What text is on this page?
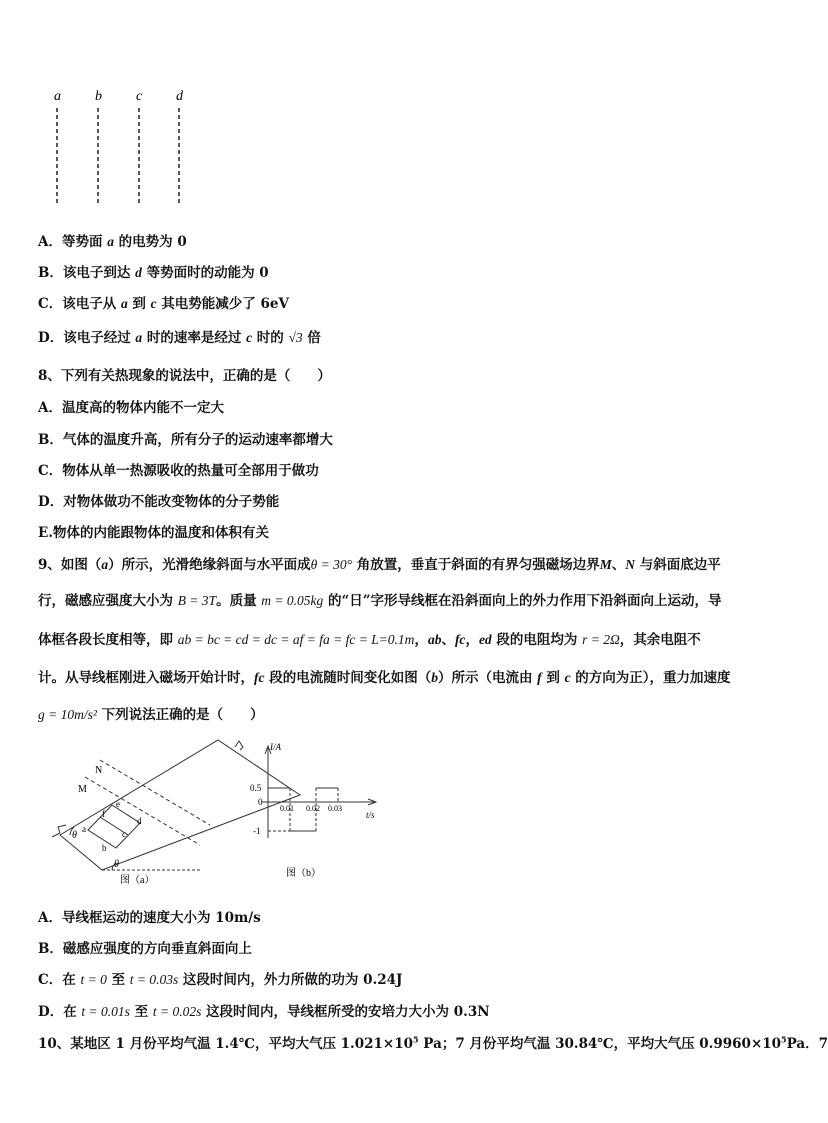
a b c d
A．等势面 a 的电势为 0
B．该电子到达 d 等势面时的动能为 0
C．该电子从 a 到 c 其电势能减少了 6eV
D．该电子经过 a 时的速率是经过 c 时的 √3 倍
8、下列有关热现象的说法中，正确的是（　　）
A．温度高的物体内能不一定大
B．气体的温度升高，所有分子的运动速率都增大
C．物体从单一热源吸收的热量可全部用于做功
D．对物体做功不能改变物体的分子势能
E.物体的内能跟物体的温度和体积有关
9、如图（a）所示，光滑绝缘斜面与水平面成θ = 30° 角放置，垂直于斜面的有界匀强磁场边界M、N 与斜面底边平
行，磁感应强度大小为 B = 3T。质量 m = 0.05kg 的“日”字形导线框在沿斜面向上的外力作用下沿斜面向上运动，导
体框各段长度相等，即 ab = bc = cd = dc = af = fa = fc = L=0.1m，ab、fc，ed 段的电阻均为 r = 2Ω，其余电阻不
计。从导线框刚进入磁场开始计时，fc 段的电流随时间变化如图（b）所示（电流由 f 到 c 的方向为正），重力加速度
g = 10m/s² 下列说法正确的是（　　）
N
M
θ
θ
e
f
a
b
c
d
图（a）
I/A
t/s
0.5
0
-1
0.01 0.02 0.03
图（b）
A．导线框运动的速度大小为 10m/s
B．磁感应强度的方向垂直斜面向上
C．在 t = 0 至 t = 0.03s 这段时间内，外力所做的功为 0.24J
D．在 t = 0.01s 至 t = 0.02s 这段时间内，导线框所受的安培力大小为 0.3N
10、某地区 1 月份平均气温 1.4℃，平均大气压 $1.021\times 10^5$ Pa；7 月份平均气温 30.84℃，平均大气压 $0.9960\times 10^5Pa$．7
